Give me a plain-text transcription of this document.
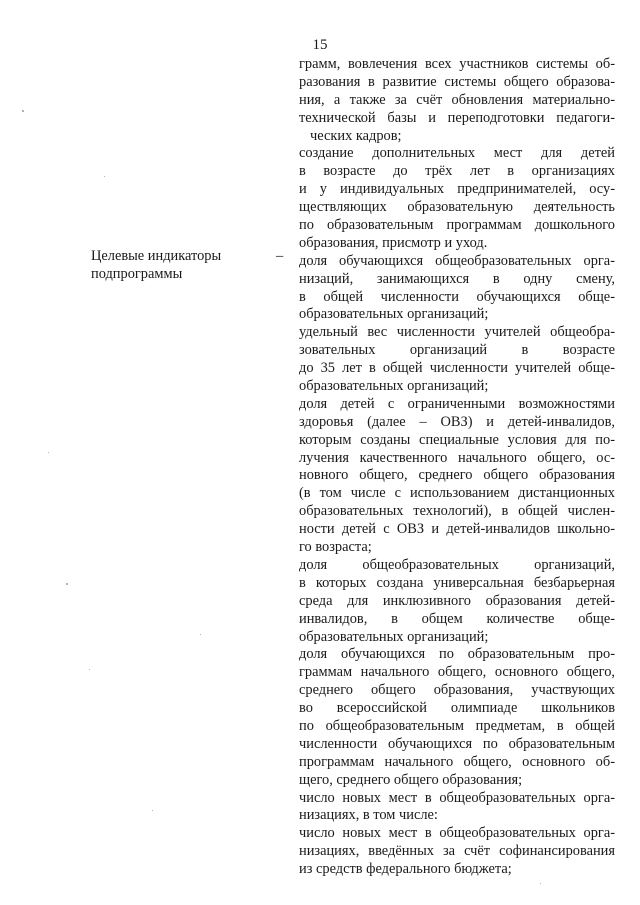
15
Целевые индикаторы
подпрограммы
–
грамм, вовлечения всех участников системы об-
разования в развитие системы общего образова-
ния, а также за счёт обновления материально-
технической базы и переподготовки педагоги-
ческих кадров;
создание дополнительных мест для детей
в возрасте до трёх лет в организациях
и у индивидуальных предпринимателей, осу-
ществляющих образовательную деятельность
по образовательным программам дошкольного
образования, присмотр и уход.
доля обучающихся общеобразовательных орга-
низаций, занимающихся в одну смену,
в общей численности обучающихся обще-
образовательных организаций;
удельный вес численности учителей общеобра-
зовательных организаций в возрасте
до 35 лет в общей численности учителей обще-
образовательных организаций;
доля детей с ограниченными возможностями
здоровья (далее – ОВЗ) и детей-инвалидов,
которым созданы специальные условия для по-
лучения качественного начального общего, ос-
новного общего, среднего общего образования
(в том числе с использованием дистанционных
образовательных технологий), в общей числен-
ности детей с ОВЗ и детей-инвалидов школьно-
го возраста;
доля общеобразовательных организаций,
в которых создана универсальная безбарьерная
среда для инклюзивного образования детей-
инвалидов, в общем количестве обще-
образовательных организаций;
доля обучающихся по образовательным про-
граммам начального общего, основного общего,
среднего общего образования, участвующих
во всероссийской олимпиаде школьников
по общеобразовательным предметам, в общей
численности обучающихся по образовательным
программам начального общего, основного об-
щего, среднего общего образования;
число новых мест в общеобразовательных орга-
низациях, в том числе:
число новых мест в общеобразовательных орга-
низациях, введённых за счёт софинансирования
из средств федерального бюджета;
